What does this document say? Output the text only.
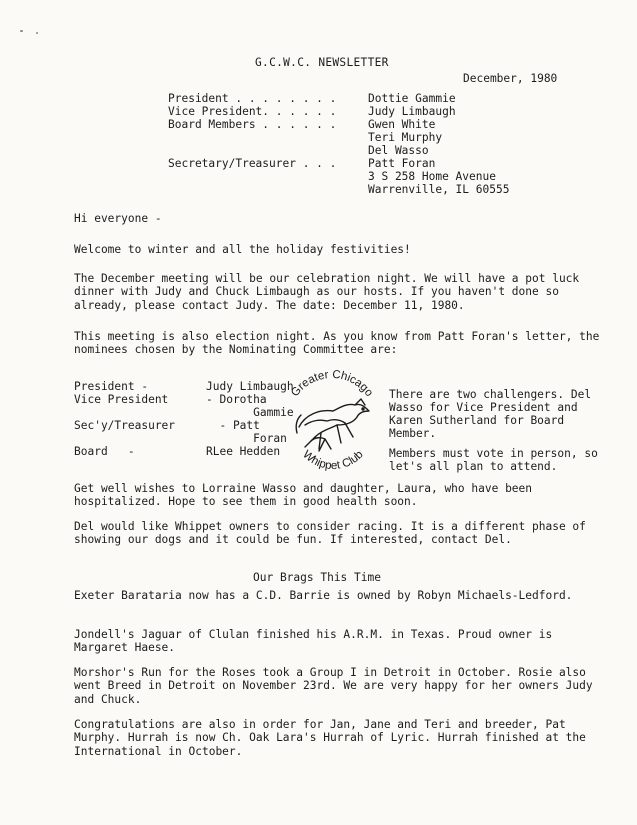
G.C.W.C. NEWSLETTER
December, 1980
President . . . . . . . .	Dottie Gammie
Vice President. . . . . .	Judy Limbaugh
Board Members . . . . . .	Gwen White
Teri Murphy
Del Wasso
Secretary/Treasurer . . .	Patt Foran
3 S 258 Home Avenue
Warrenville, IL 60555
Hi everyone -
Welcome to winter and all the holiday festivities!
The December meeting will be our celebration night. We will have a pot luck dinner with Judy and Chuck Limbaugh as our hosts. If you haven't done so already, please contact Judy. The date: December 11, 1980.
This meeting is also election night. As you know from Patt Foran's letter, the nominees chosen by the Nominating Committee are:
President -	Judy Limbaugh
Vice President	- Dorotha
Gammie
Sec'y/Treasurer	- Patt
Foran
Board   -	RLee Hedden
Greater Chicago
Whippet Club
There are two challengers. Del Wasso for Vice President and Karen Sutherland for Board Member.
Members must vote in person, so let's all plan to attend.
Get well wishes to Lorraine Wasso and daughter, Laura, who have been hospitalized. Hope to see them in good health soon.
Del would like Whippet owners to consider racing. It is a different phase of showing our dogs and it could be fun. If interested, contact Del.
Our Brags This Time
Exeter Barataria now has a C.D. Barrie is owned by Robyn Michaels-Ledford.
Jondell's Jaguar of Clulan finished his A.R.M. in Texas. Proud owner is Margaret Haese.
Morshor's Run for the Roses took a Group I in Detroit in October. Rosie also went Breed in Detroit on November 23rd. We are very happy for her owners Judy and Chuck.
Congratulations are also in order for Jan, Jane and Teri and breeder, Pat Murphy. Hurrah is now Ch. Oak Lara's Hurrah of Lyric. Hurrah finished at the International in October.
